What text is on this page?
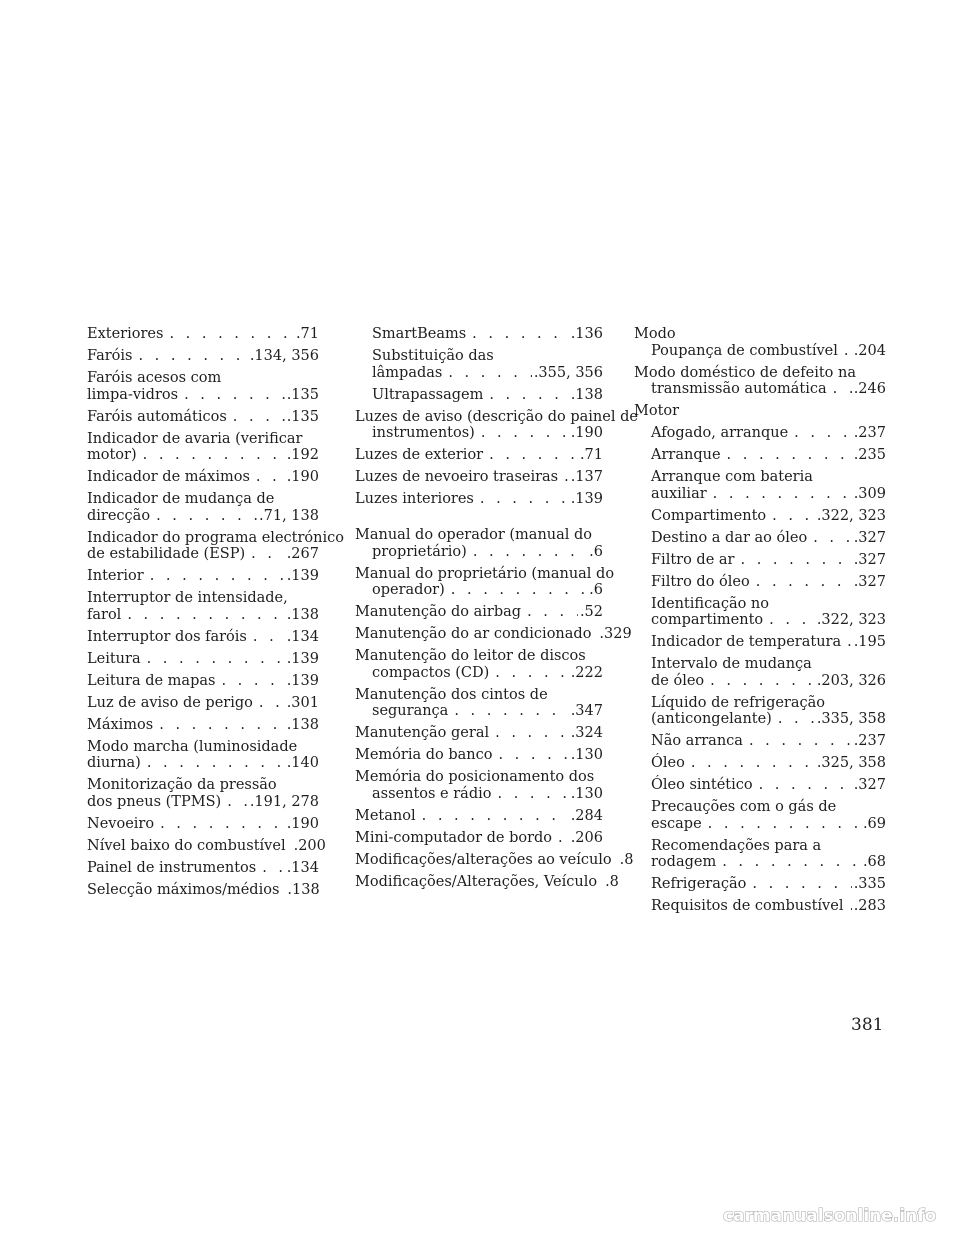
Exteriores . . .	.71
Faróis . . .	.134, 356
Faróis acesos com
limpa-vidros . . .	.135
Faróis automáticos . . .	.135
Indicador de avaria (verificar
motor) . . .	.192
Indicador de máximos . . .	.190
Indicador de mudança de
direcção . . .	.71, 138
Indicador do programa electrónico
de estabilidade (ESP) . . .	.267
Interior . . .	.139
Interruptor de intensidade,
farol . . .	.138
Interruptor dos faróis . . .	.134
Leitura . . .	.139
Leitura de mapas . . .	.139
Luz de aviso de perigo . . . .301
Máximos . . .	.138
Modo marcha (luminosidade
diurna) . . .	.140
Monitorização da pressão
dos pneus (TPMS) . . . .191, 278
Nevoeiro . . .	.190
Nível baixo do combustível .200
Painel de instrumentos . . . .134
Selecção máximos/médios .138
SmartBeams . . .	.136
Substituição das
lâmpadas . . .	.355, 356
Ultrapassagem . . .	.138
Luzes de aviso (descrição do painel de
instrumentos) . . .	.190
Luzes de exterior . . .	.71
Luzes de nevoeiro traseiras . . . .137
Luzes interiores . . .	.139
Manual do operador (manual do
proprietário) . . .	.6
Manual do proprietário (manual do
operador) . . .	.6
Manutenção do airbag . . .	.52
Manutenção do ar condicionado .329
Manutenção do leitor de discos
compactos (CD) . . .	.222
Manutenção dos cintos de
segurança . . .	.347
Manutenção geral . . .	.324
Memória do banco . . .	.130
Memória do posicionamento dos
assentos e rádio . . .	.130
Metanol . . .	.284
Mini-computador de bordo . . . .206
Modificações/alterações ao veículo .8
Modificações/Alterações, Veículo .8
Modo
Poupança de combustível . . . .204
Modo doméstico de defeito na
transmissão automática . . . .246
Motor
Afogado, arranque . . .	.237
Arranque . . .	.235
Arranque com bateria
auxiliar . . .	.309
Compartimento . . .	.322, 323
Destino a dar ao óleo . . .	.327
Filtro de ar . . .	.327
Filtro do óleo . . .	.327
Identificação no
compartimento . . .	.322, 323
Indicador de temperatura . . . .195
Intervalo de mudança
de óleo . . .	.203, 326
Líquido de refrigeração
(anticongelante) . . .	.335, 358
Não arranca . . .	.237
Óleo . . .	.325, 358
Óleo sintético . . .	.327
Precauções com o gás de
escape . . .	.69
Recomendações para a
rodagem . . .	.68
Refrigeração . . .	.335
Requisitos de combustível . . . .283
381
carmanualsonline.info
